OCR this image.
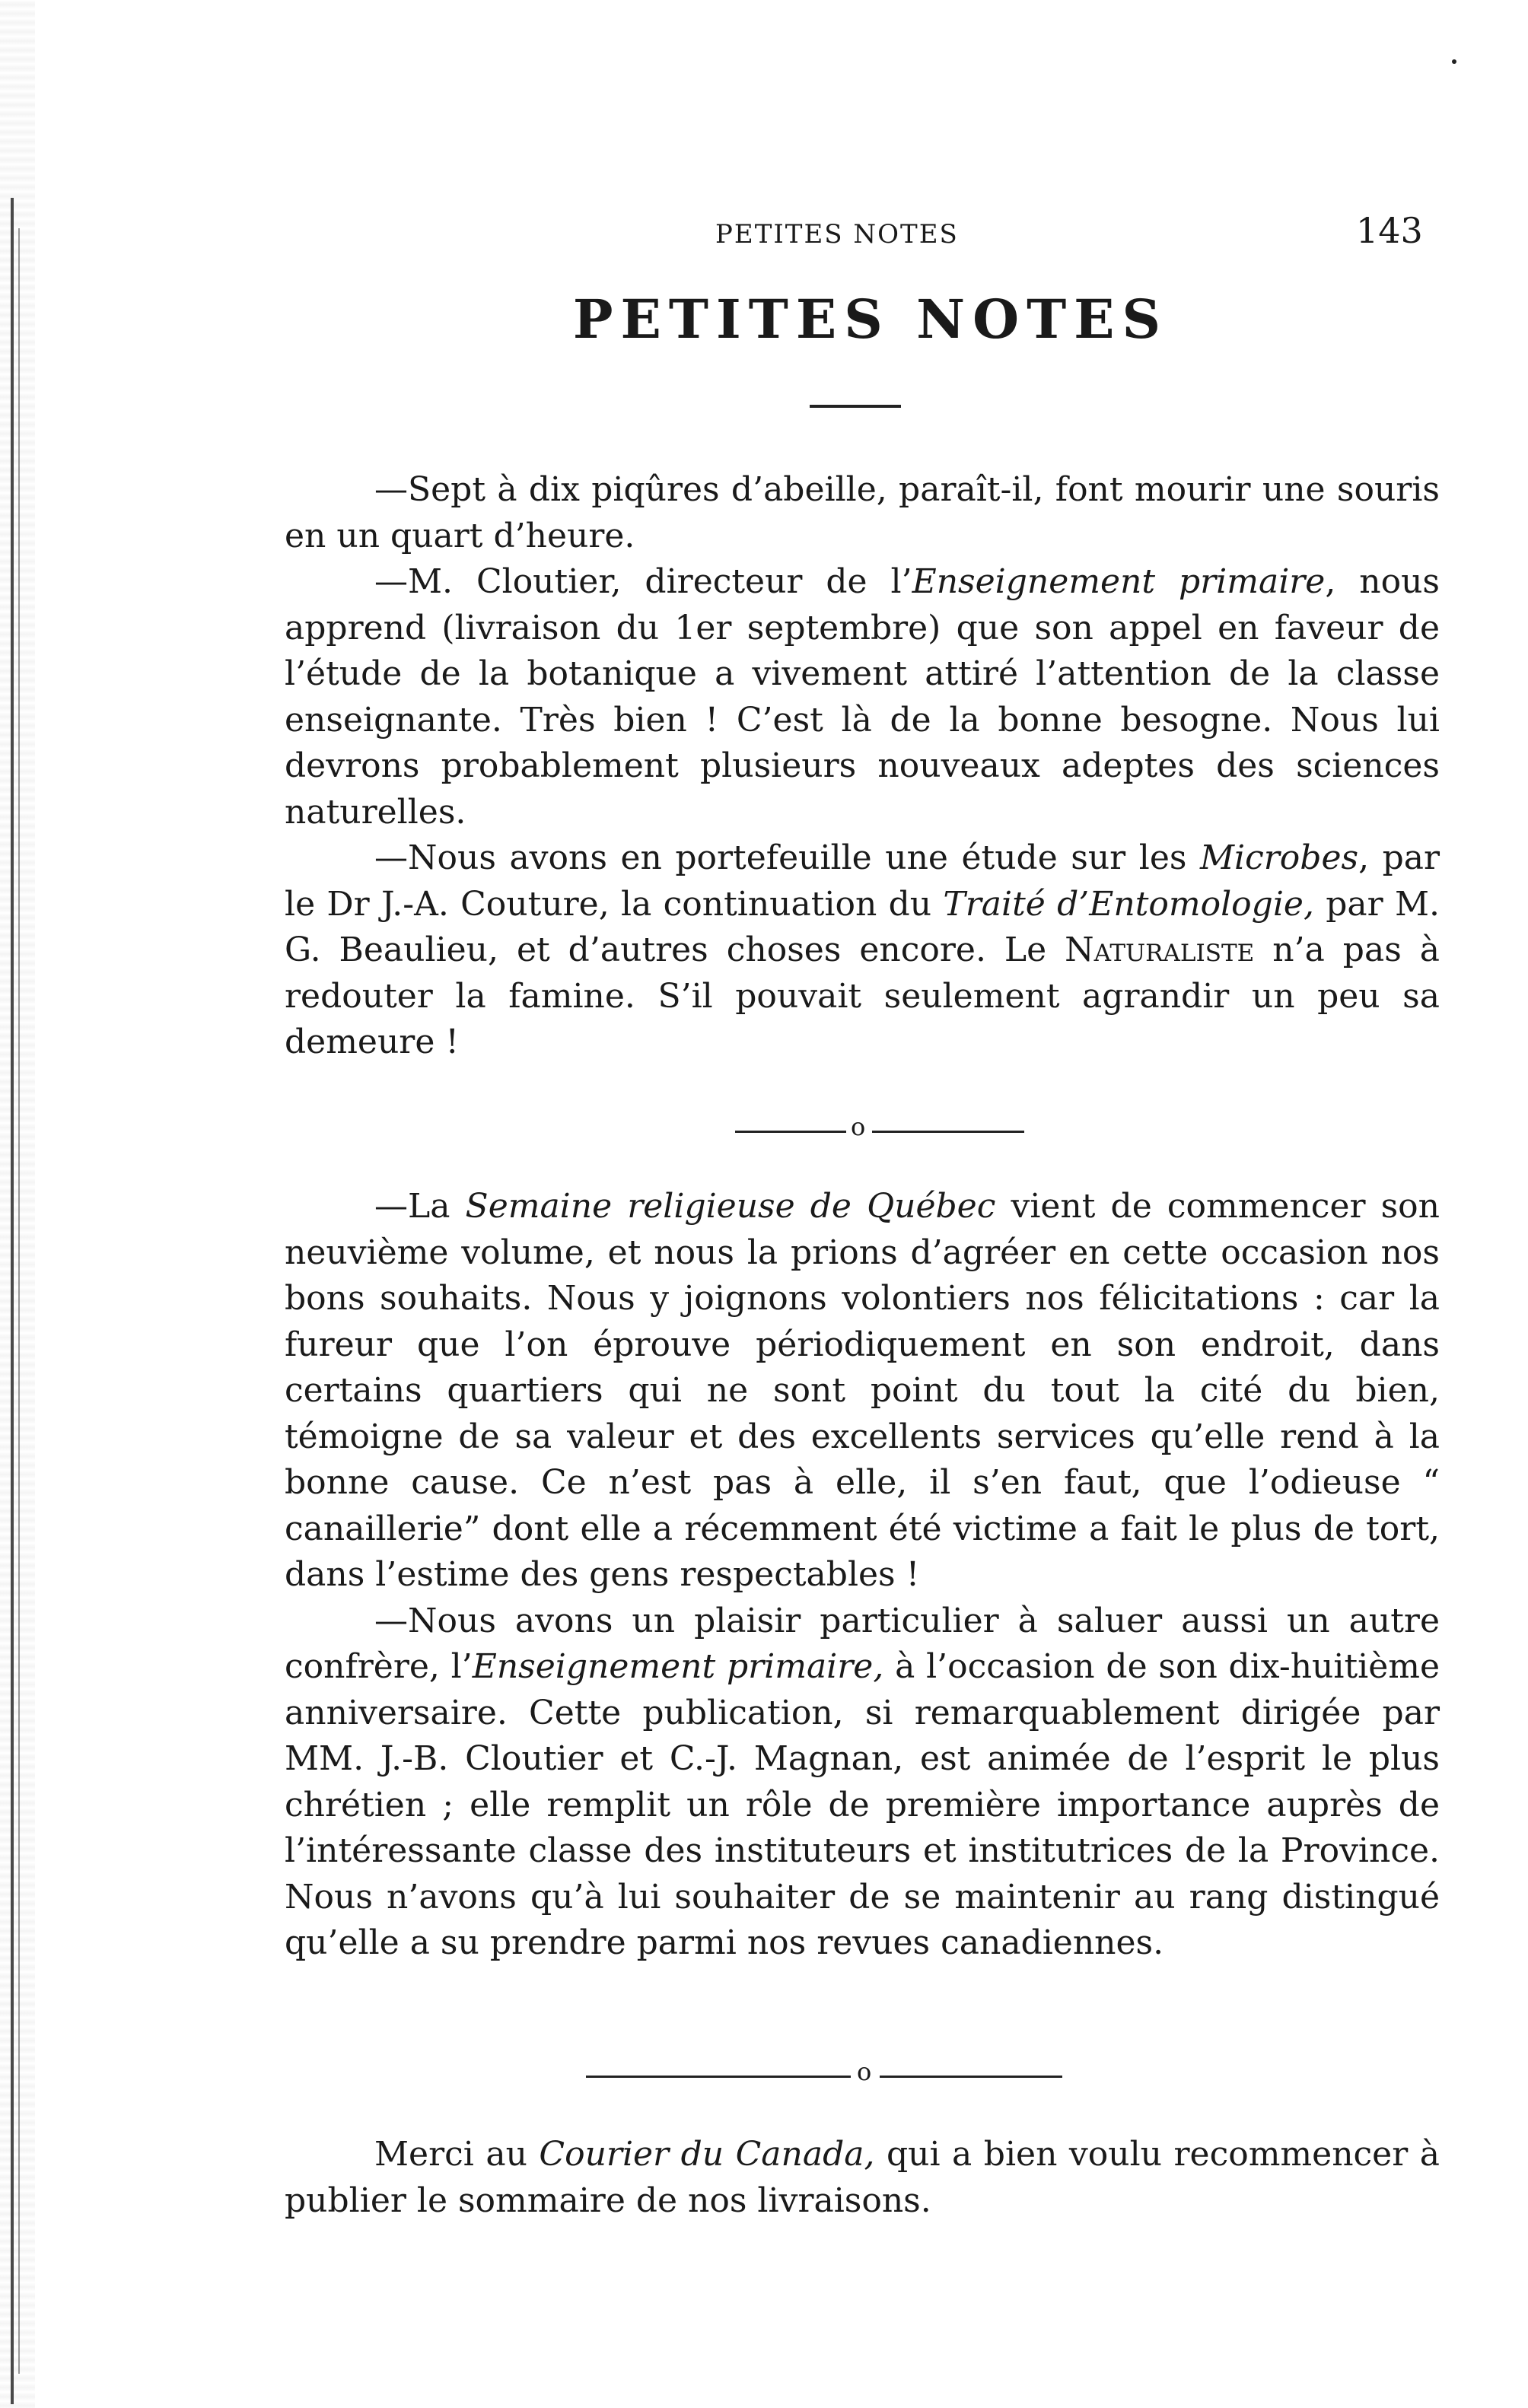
PETITES NOTES	143
PETITES NOTES

—Sept à dix piqûres d’abeille, paraît-il, font mourir une souris en un quart d’heure.

—M. Cloutier, directeur de l’Enseignement primaire, nous apprend (livraison du 1er septembre) que son appel en faveur de l’étude de la botanique a vivement attiré l’attention de la classe enseignante. Très bien ! C’est là de la bonne besogne. Nous lui devrons probablement plusieurs nouveaux adeptes des sciences naturelles.

—Nous avons en portefeuille une étude sur les Microbes, par le Dr J.-A. Couture, la continuation du Traité d’Entomologie, par M. G. Beaulieu, et d’autres choses encore. Le Naturaliste n’a pas à redouter la famine. S’il pouvait seulement agrandir un peu sa demeure !

o

—La Semaine religieuse de Québec vient de commencer son neuvième volume, et nous la prions d’agréer en cette occasion nos bons souhaits. Nous y joignons volontiers nos félicitations : car la fureur que l’on éprouve périodiquement en son endroit, dans certains quartiers qui ne sont point du tout la cité du bien, témoigne de sa valeur et des excellents services qu’elle rend à la bonne cause. Ce n’est pas à elle, il s’en faut, que l’odieuse “ canaillerie” dont elle a récemment été victime a fait le plus de tort, dans l’estime des gens respectables !

—Nous avons un plaisir particulier à saluer aussi un autre confrère, l’Enseignement primaire, à l’occasion de son dix-huitième anniversaire. Cette publication, si remarquablement dirigée par MM. J.-B. Cloutier et C.-J. Magnan, est animée de l’esprit le plus chrétien ; elle remplit un rôle de première importance auprès de l’intéressante classe des instituteurs et institutrices de la Province. Nous n’avons qu’à lui souhaiter de se maintenir au rang distingué qu’elle a su prendre parmi nos revues canadiennes.

o

Merci au Courier du Canada, qui a bien voulu recommencer à publier le sommaire de nos livraisons.
